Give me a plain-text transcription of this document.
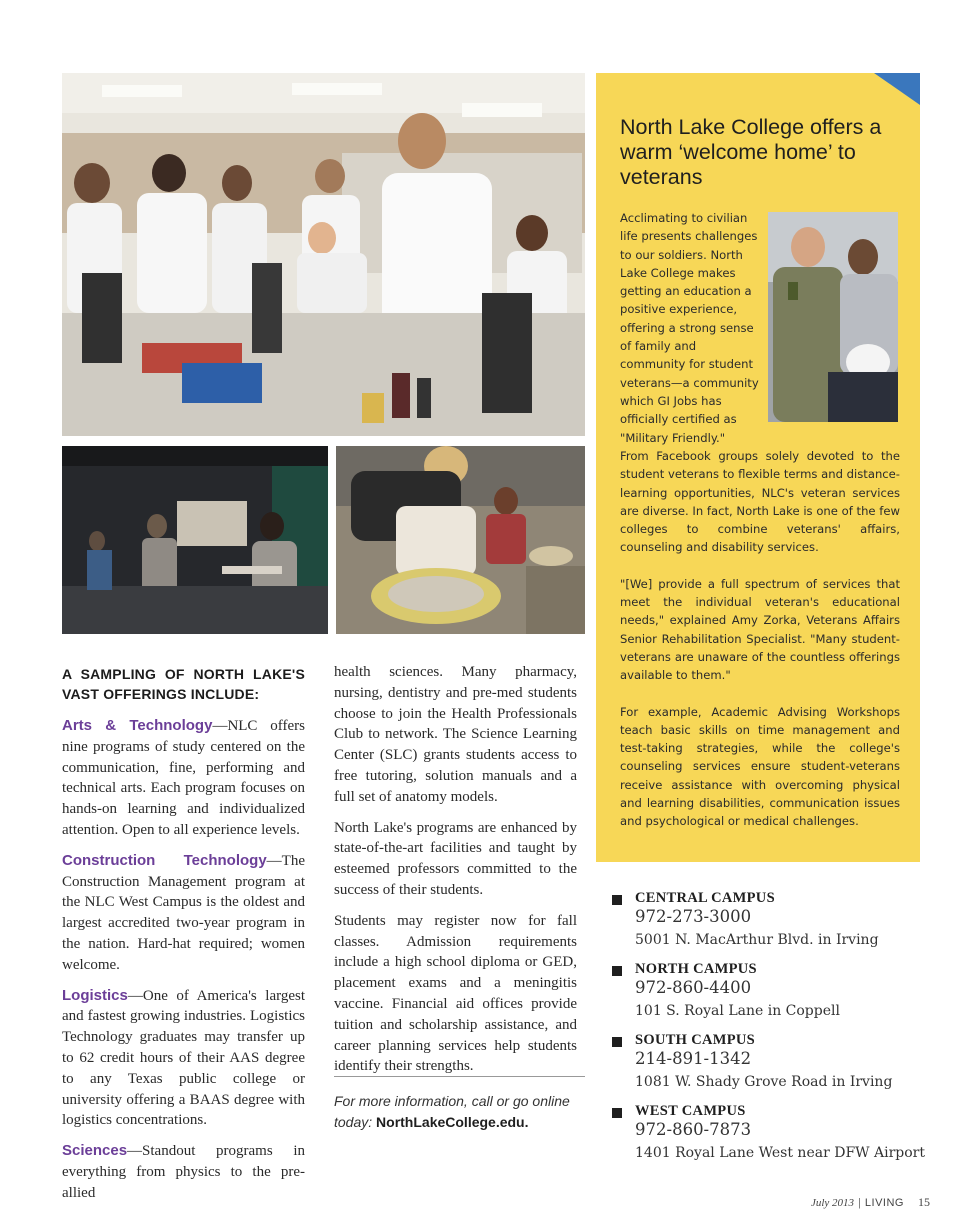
A SAMPLING OF NORTH LAKE'S VAST OFFERINGS INCLUDE:

Arts & Technology—NLC offers nine programs of study centered on the communication, fine, performing and technical arts. Each program focuses on hands-on learning and individualized attention. Open to all experience levels.

Construction Technology—The Construction Management program at the NLC West Campus is the oldest and largest accredited two-year program in the nation. Hard-hat required; women welcome.

Logistics—One of America's largest and fastest growing industries. Logistics Technology graduates may transfer up to 62 credit hours of their AAS degree to any Texas public college or university offering a BAAS degree with logistics concentrations.

Sciences—Standout programs in everything from physics to the pre-allied

health sciences. Many pharmacy, nursing, dentistry and pre-med students choose to join the Health Professionals Club to network. The Science Learning Center (SLC) grants students access to free tutoring, solution manuals and a full set of anatomy models.

North Lake's programs are enhanced by state-of-the-art facilities and taught by esteemed professors committed to the success of their students.

Students may register now for fall classes. Admission requirements include a high school diploma or GED, placement exams and a meningitis vaccine. Financial aid offices provide tuition and scholarship assistance, and career planning services help students identify their strengths.

For more information, call or go online today: NorthLakeCollege.edu.
North Lake College offers a warm ‘welcome home’ to veterans
Acclimating to civilian life presents challenges to our soldiers. North Lake College makes getting an education a positive experience, offering a strong sense of family and community for student veterans—a community which GI Jobs has officially certified as "Military Friendly."

From Facebook groups solely devoted to the student veterans to flexible terms and distance-learning opportunities, NLC's veteran services are diverse. In fact, North Lake is one of the few colleges to combine veterans' affairs, counseling and disability services.

"[We] provide a full spectrum of services that meet the individual veteran's educational needs," explained Amy Zorka, Veterans Affairs Senior Rehabilitation Specialist. "Many student-veterans are unaware of the countless offerings available to them."

For example, Academic Advising Workshops teach basic skills on time management and test-taking strategies, while the college's counseling services ensure student-veterans receive assistance with overcoming physical and learning disabilities, communication issues and psychological or medical challenges.

CENTRAL CAMPUS
972-273-3000
5001 N. MacArthur Blvd. in Irving
NORTH CAMPUS
972-860-4400
101 S. Royal Lane in Coppell
SOUTH CAMPUS
214-891-1342
1081 W. Shady Grove Road in Irving
WEST CAMPUS
972-860-7873
1401 Royal Lane West near DFW Airport
July 2013 | LIVING 15
